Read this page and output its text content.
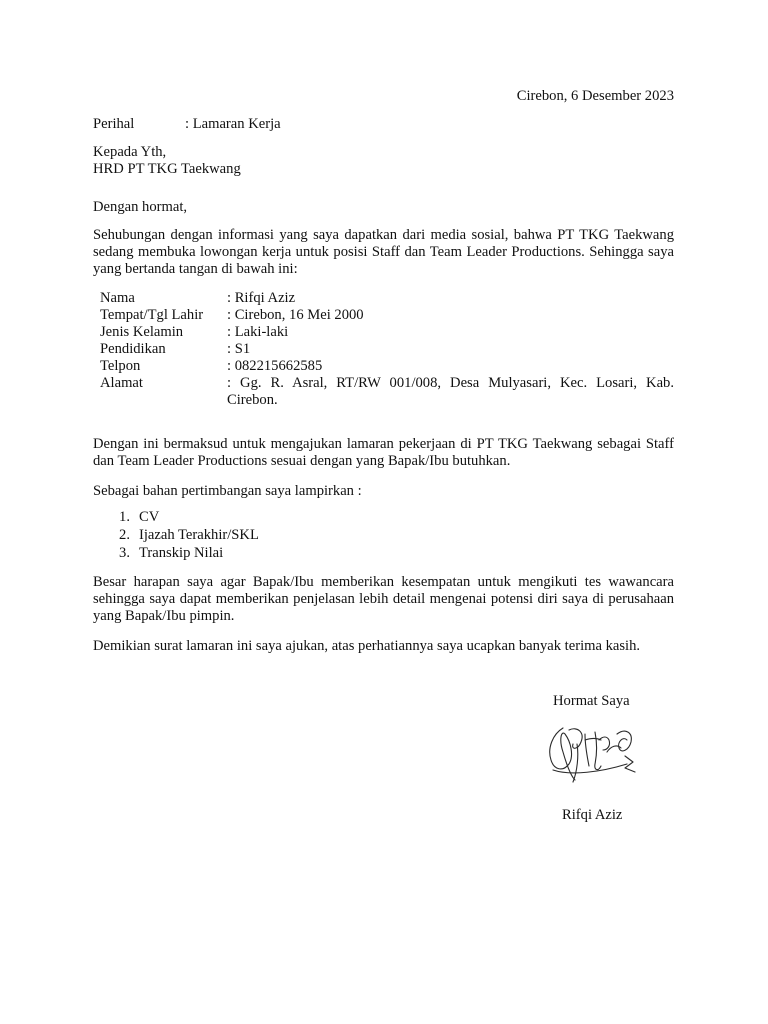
Cirebon, 6 Desember 2023
Perihal	: Lamaran Kerja
Kepada Yth,
HRD PT TKG Taekwang
Dengan hormat,
Sehubungan dengan informasi yang saya dapatkan dari media sosial, bahwa PT TKG Taekwang sedang membuka lowongan kerja untuk posisi Staff dan Team Leader Productions. Sehingga saya yang bertanda tangan di bawah ini:
Nama	: Rifqi Aziz
Tempat/Tgl Lahir	: Cirebon, 16 Mei 2000
Jenis Kelamin	: Laki-laki
Pendidikan	: S1
Telpon	: 082215662585
Alamat	: Gg. R. Asral, RT/RW 001/008, Desa Mulyasari, Kec. Losari, Kab. Cirebon.
Dengan ini bermaksud untuk mengajukan lamaran pekerjaan di PT TKG Taekwang sebagai Staff dan Team Leader Productions sesuai dengan yang Bapak/Ibu butuhkan.
Sebagai bahan pertimbangan saya lampirkan :
1. CV
2. Ijazah Terakhir/SKL
3. Transkip Nilai
Besar harapan saya agar Bapak/Ibu memberikan kesempatan untuk mengikuti tes wawancara sehingga saya dapat memberikan penjelasan lebih detail mengenai potensi diri saya di perusahaan yang Bapak/Ibu pimpin.
Demikian surat lamaran ini saya ajukan, atas perhatiannya saya ucapkan banyak terima kasih.
Hormat Saya
Rifqi Aziz
